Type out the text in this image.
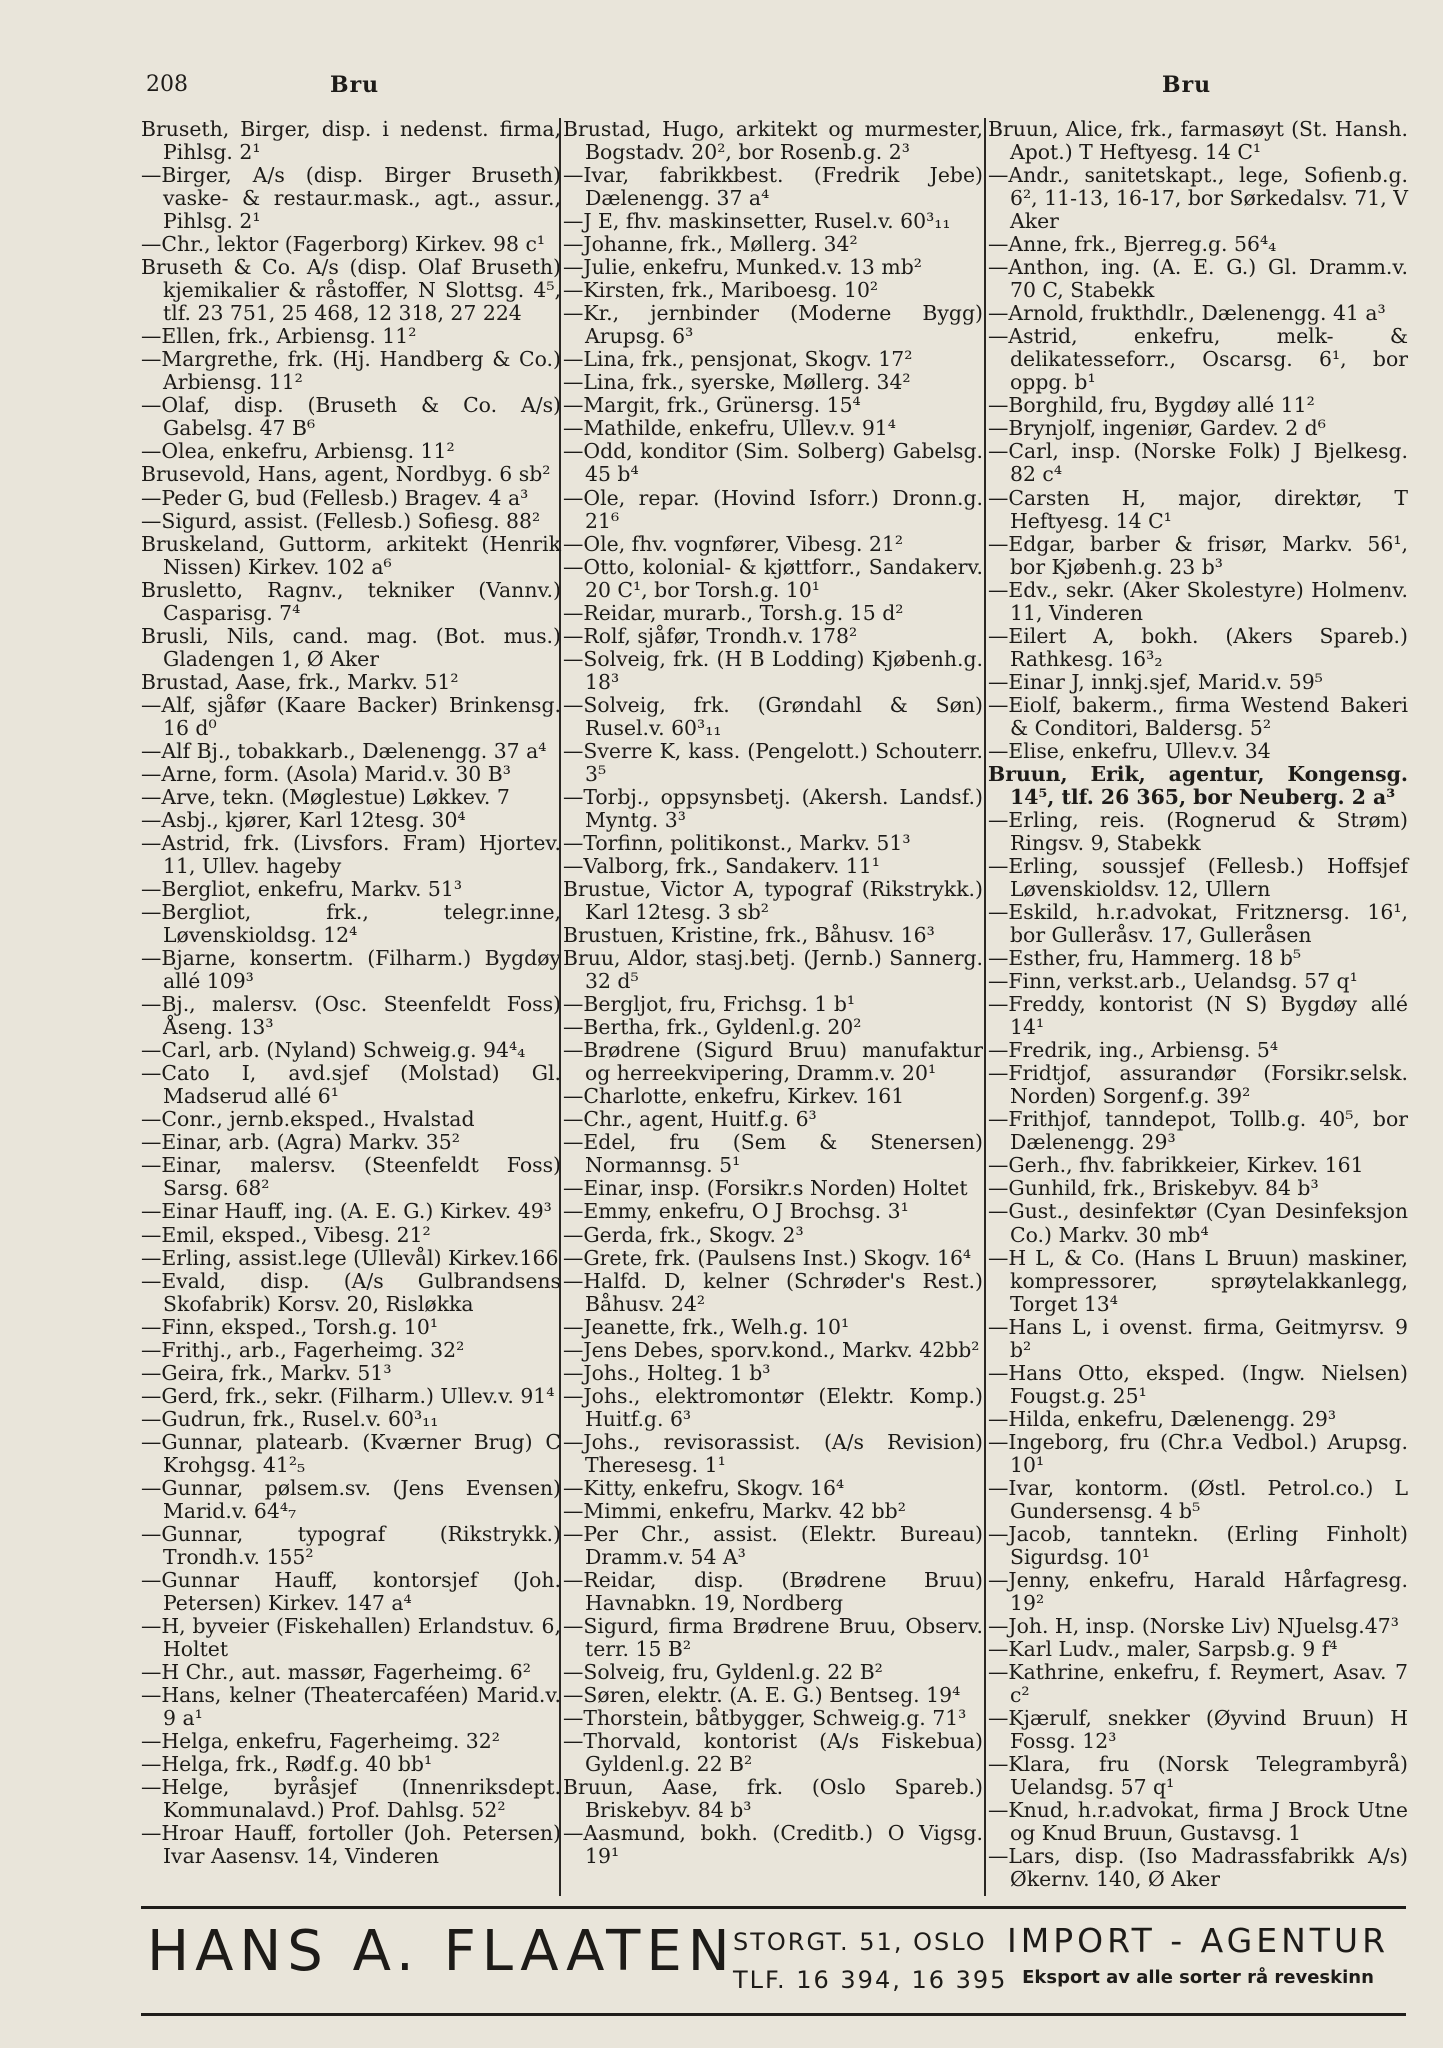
208	Bru	Bru

Bruseth, Birger, disp. i nedenst. firma, Pihlsg. 2¹

—Birger, A/s (disp. Birger Bruseth) vaske- & restaur.mask., agt., assur., Pihlsg. 2¹

—Chr., lektor (Fagerborg) Kirkev. 98 c¹

Bruseth & Co. A/s (disp. Olaf Bruseth) kjemikalier & råstoffer, N Slottsg. 4⁵, tlf. 23 751, 25 468, 12 318, 27 224

—Ellen, frk., Arbiensg. 11²

—Margrethe, frk. (Hj. Handberg & Co.) Arbiensg. 11²

—Olaf, disp. (Bruseth & Co. A/s) Gabelsg. 47 B⁶

—Olea, enkefru, Arbiensg. 11²

Brusevold, Hans, agent, Nordbyg. 6 sb²

—Peder G, bud (Fellesb.) Bragev. 4 a³

—Sigurd, assist. (Fellesb.) Sofiesg. 88²

Bruskeland, Guttorm, arkitekt (Henrik Nissen) Kirkev. 102 a⁶

Brusletto, Ragnv., tekniker (Vannv.) Casparisg. 7⁴

Brusli, Nils, cand. mag. (Bot. mus.) Gladengen 1, Ø Aker

Brustad, Aase, frk., Markv. 51²

—Alf, sjåfør (Kaare Backer) Brinkensg. 16 d⁰

—Alf Bj., tobakkarb., Dælenengg. 37 a⁴

—Arne, form. (Asola) Marid.v. 30 B³

—Arve, tekn. (Møglestue) Løkkev. 7

—Asbj., kjører, Karl 12tesg. 30⁴

—Astrid, frk. (Livsfors. Fram) Hjortev. 11, Ullev. hageby

—Bergliot, enkefru, Markv. 51³

—Bergliot, frk., telegr.inne, Løvenskioldsg. 12⁴

—Bjarne, konsertm. (Filharm.) Bygdøy allé 109³

—Bj., malersv. (Osc. Steenfeldt Foss) Åseng. 13³

—Carl, arb. (Nyland) Schweig.g. 94⁴₄

—Cato I, avd.sjef (Molstad) Gl. Madserud allé 6¹

—Conr., jernb.eksped., Hvalstad

—Einar, arb. (Agra) Markv. 35²

—Einar, malersv. (Steenfeldt Foss) Sarsg. 68²

—Einar Hauff, ing. (A. E. G.) Kirkev. 49³

—Emil, eksped., Vibesg. 21²

—Erling, assist.lege (Ullevål) Kirkev.166

—Evald, disp. (A/s Gulbrandsens Skofabrik) Korsv. 20, Risløkka

—Finn, eksped., Torsh.g. 10¹

—Frithj., arb., Fagerheimg. 32²

—Geira, frk., Markv. 51³

—Gerd, frk., sekr. (Filharm.) Ullev.v. 91⁴

—Gudrun, frk., Rusel.v. 60³₁₁

—Gunnar, platearb. (Kværner Brug) C Krohgsg. 41²₅

—Gunnar, pølsem.sv. (Jens Evensen) Marid.v. 64⁴₇

—Gunnar, typograf (Rikstrykk.) Trondh.v. 155²

—Gunnar Hauff, kontorsjef (Joh. Petersen) Kirkev. 147 a⁴

—H, byveier (Fiskehallen) Erlandstuv. 6, Holtet

—H Chr., aut. massør, Fagerheimg. 6²

—Hans, kelner (Theatercaféen) Marid.v. 9 a¹

—Helga, enkefru, Fagerheimg. 32²

—Helga, frk., Rødf.g. 40 bb¹

—Helge, byråsjef (Innenriksdept. Kommunalavd.) Prof. Dahlsg. 52²

—Hroar Hauff, fortoller (Joh. Petersen) Ivar Aasensv. 14, Vinderen

Brustad, Hugo, arkitekt og murmester, Bogstadv. 20², bor Rosenb.g. 2³

—Ivar, fabrikkbest. (Fredrik Jebe) Dælenengg. 37 a⁴

—J E, fhv. maskinsetter, Rusel.v. 60³₁₁

—Johanne, frk., Møllerg. 34²

—Julie, enkefru, Munked.v. 13 mb²

—Kirsten, frk., Mariboesg. 10²

—Kr., jernbinder (Moderne Bygg) Arupsg. 6³

—Lina, frk., pensjonat, Skogv. 17²

—Lina, frk., syerske, Møllerg. 34²

—Margit, frk., Grünersg. 15⁴

—Mathilde, enkefru, Ullev.v. 91⁴

—Odd, konditor (Sim. Solberg) Gabelsg. 45 b⁴

—Ole, repar. (Hovind Isforr.) Dronn.g. 21⁶

—Ole, fhv. vognfører, Vibesg. 21²

—Otto, kolonial- & kjøttforr., Sandakerv. 20 C¹, bor Torsh.g. 10¹

—Reidar, murarb., Torsh.g. 15 d²

—Rolf, sjåfør, Trondh.v. 178²

—Solveig, frk. (H B Lodding) Kjøbenh.g. 18³

—Solveig, frk. (Grøndahl & Søn) Rusel.v. 60³₁₁

—Sverre K, kass. (Pengelott.) Schouterr. 3⁵

—Torbj., oppsynsbetj. (Akersh. Landsf.) Myntg. 3³

—Torfinn, politikonst., Markv. 51³

—Valborg, frk., Sandakerv. 11¹

Brustue, Victor A, typograf (Rikstrykk.) Karl 12tesg. 3 sb²

Brustuen, Kristine, frk., Båhusv. 16³

Bruu, Aldor, stasj.betj. (Jernb.) Sannerg. 32 d⁵

—Bergljot, fru, Frichsg. 1 b¹

—Bertha, frk., Gyldenl.g. 20²

—Brødrene (Sigurd Bruu) manufaktur og herreekvipering, Dramm.v. 20¹

—Charlotte, enkefru, Kirkev. 161

—Chr., agent, Huitf.g. 6³

—Edel, fru (Sem & Stenersen) Normannsg. 5¹

—Einar, insp. (Forsikr.s Norden) Holtet

—Emmy, enkefru, O J Brochsg. 3¹

—Gerda, frk., Skogv. 2³

—Grete, frk. (Paulsens Inst.) Skogv. 16⁴

—Halfd. D, kelner (Schrøder's Rest.) Båhusv. 24²

—Jeanette, frk., Welh.g. 10¹

—Jens Debes, sporv.kond., Markv. 42bb²

—Johs., Holteg. 1 b³

—Johs., elektromontør (Elektr. Komp.) Huitf.g. 6³

—Johs., revisorassist. (A/s Revision) Theresesg. 1¹

—Kitty, enkefru, Skogv. 16⁴

—Mimmi, enkefru, Markv. 42 bb²

—Per Chr., assist. (Elektr. Bureau) Dramm.v. 54 A³

—Reidar, disp. (Brødrene Bruu) Havnabkn. 19, Nordberg

—Sigurd, firma Brødrene Bruu, Observ. terr. 15 B²

—Solveig, fru, Gyldenl.g. 22 B²

—Søren, elektr. (A. E. G.) Bentseg. 19⁴

—Thorstein, båtbygger, Schweig.g. 71³

—Thorvald, kontorist (A/s Fiskebua) Gyldenl.g. 22 B²

Bruun, Aase, frk. (Oslo Spareb.) Briskebyv. 84 b³

—Aasmund, bokh. (Creditb.) O Vigsg. 19¹

Bruun, Alice, frk., farmasøyt (St. Hansh. Apot.) T Heftyesg. 14 C¹

—Andr., sanitetskapt., lege, Sofienb.g. 6², 11-13, 16-17, bor Sørkedalsv. 71, V Aker

—Anne, frk., Bjerreg.g. 56⁴₄

—Anthon, ing. (A. E. G.) Gl. Dramm.v. 70 C, Stabekk

—Arnold, frukthdlr., Dælenengg. 41 a³

—Astrid, enkefru, melk- & delikatesseforr., Oscarsg. 6¹, bor oppg. b¹

—Borghild, fru, Bygdøy allé 11²

—Brynjolf, ingeniør, Gardev. 2 d⁶

—Carl, insp. (Norske Folk) J Bjelkesg. 82 c⁴

—Carsten H, major, direktør, T Heftyesg. 14 C¹

—Edgar, barber & frisør, Markv. 56¹, bor Kjøbenh.g. 23 b³

—Edv., sekr. (Aker Skolestyre) Holmenv. 11, Vinderen

—Eilert A, bokh. (Akers Spareb.) Rathkesg. 16³₂

—Einar J, innkj.sjef, Marid.v. 59⁵

—Eiolf, bakerm., firma Westend Bakeri & Conditori, Baldersg. 5²

—Elise, enkefru, Ullev.v. 34

Bruun, Erik, agentur, Kongensg. 14⁵, tlf. 26 365, bor Neuberg. 2 a³

—Erling, reis. (Rognerud & Strøm) Ringsv. 9, Stabekk

—Erling, soussjef (Fellesb.) Hoffsjef Løvenskioldsv. 12, Ullern

—Eskild, h.r.advokat, Fritznersg. 16¹, bor Gulleråsv. 17, Gulleråsen

—Esther, fru, Hammerg. 18 b⁵

—Finn, verkst.arb., Uelandsg. 57 q¹

—Freddy, kontorist (N S) Bygdøy allé 14¹

—Fredrik, ing., Arbiensg. 5⁴

—Fridtjof, assurandør (Forsikr.selsk. Norden) Sorgenf.g. 39²

—Frithjof, tanndepot, Tollb.g. 40⁵, bor Dælenengg. 29³

—Gerh., fhv. fabrikkeier, Kirkev. 161

—Gunhild, frk., Briskebyv. 84 b³

—Gust., desinfektør (Cyan Desinfeksjon Co.) Markv. 30 mb⁴

—H L, & Co. (Hans L Bruun) maskiner, kompressorer, sprøytelakkanlegg, Torget 13⁴

—Hans L, i ovenst. firma, Geitmyrsv. 9 b²

—Hans Otto, eksped. (Ingw. Nielsen) Fougst.g. 25¹

—Hilda, enkefru, Dælenengg. 29³

—Ingeborg, fru (Chr.a Vedbol.) Arupsg. 10¹

—Ivar, kontorm. (Østl. Petrol.co.) L Gundersensg. 4 b⁵

—Jacob, tanntekn. (Erling Finholt) Sigurdsg. 10¹

—Jenny, enkefru, Harald Hårfagresg. 19²

—Joh. H, insp. (Norske Liv) NJuelsg.47³

—Karl Ludv., maler, Sarpsb.g. 9 f⁴

—Kathrine, enkefru, f. Reymert, Asav. 7 c²

—Kjærulf, snekker (Øyvind Bruun) H Fossg. 12³

—Klara, fru (Norsk Telegrambyrå) Uelandsg. 57 q¹

—Knud, h.r.advokat, firma J Brock Utne og Knud Bruun, Gustavsg. 1

—Lars, disp. (Iso Madrassfabrikk A/s) Økernv. 140, Ø Aker

HANS A. FLAATEN
STORGT. 51, OSLO
TLF. 16 394, 16 395
IMPORT - AGENTUR
Eksport av alle sorter rå reveskinn
